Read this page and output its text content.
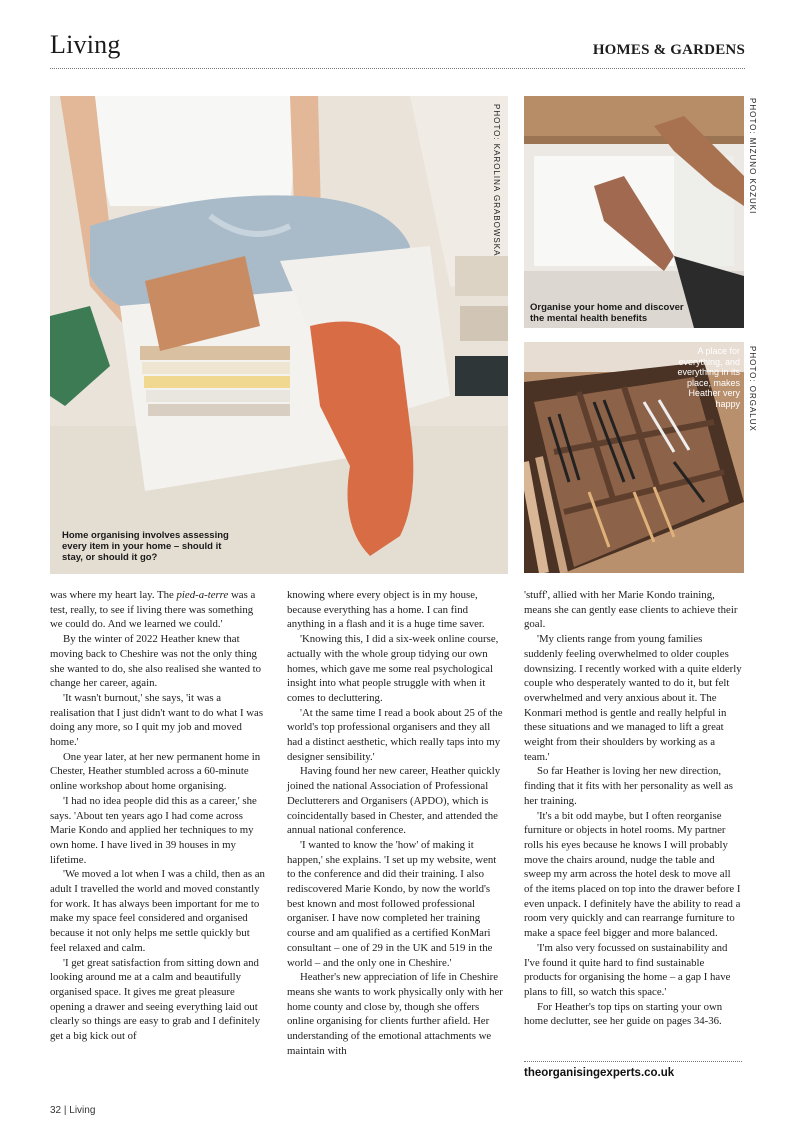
Living	HOMES & GARDENS
PHOTO: KAROLINA GRABOWSKA
Home organising involves assessing every item in your home – should it stay, or should it go?
PHOTO: MIZUNO KOZUKI
Organise your home and discover the mental health benefits
PHOTO: ORGALUX
A place for everything, and everything in its place, makes Heather very happy

was where my heart lay. The pied-a-terre was a test, really, to see if living there was something we could do. And we learned we could.'

By the winter of 2022 Heather knew that moving back to Cheshire was not the only thing she wanted to do, she also realised she wanted to change her career, again.

'It wasn't burnout,' she says, 'it was a realisation that I just didn't want to do what I was doing any more, so I quit my job and moved home.'

One year later, at her new permanent home in Chester, Heather stumbled across a 60-minute online workshop about home organising.

'I had no idea people did this as a career,' she says. 'About ten years ago I had come across Marie Kondo and applied her techniques to my own home. I have lived in 39 houses in my lifetime.

'We moved a lot when I was a child, then as an adult I travelled the world and moved constantly for work. It has always been important for me to make my space feel considered and organised because it not only helps me settle quickly but feel relaxed and calm.

'I get great satisfaction from sitting down and looking around me at a calm and beautifully organised space. It gives me great pleasure opening a drawer and seeing everything laid out clearly so things are easy to grab and I definitely get a big kick out of

knowing where every object is in my house, because everything has a home. I can find anything in a flash and it is a huge time saver.

'Knowing this, I did a six-week online course, actually with the whole group tidying our own homes, which gave me some real psychological insight into what people struggle with when it comes to decluttering.

'At the same time I read a book about 25 of the world's top professional organisers and they all had a distinct aesthetic, which really taps into my designer sensibility.'

Having found her new career, Heather quickly joined the national Association of Professional Declutterers and Organisers (APDO), which is coincidentally based in Chester, and attended the annual national conference.

'I wanted to know the 'how' of making it happen,' she explains. 'I set up my website, went to the conference and did their training. I also rediscovered Marie Kondo, by now the world's best known and most followed professional organiser. I have now completed her training course and am qualified as a certified KonMari consultant – one of 29 in the UK and 519 in the world – and the only one in Cheshire.'

Heather's new appreciation of life in Cheshire means she wants to work physically only with her home county and close by, though she offers online organising for clients further afield. Her understanding of the emotional attachments we maintain with

'stuff', allied with her Marie Kondo training, means she can gently ease clients to achieve their goal.

'My clients range from young families suddenly feeling overwhelmed to older couples downsizing. I recently worked with a quite elderly couple who desperately wanted to do it, but felt overwhelmed and very anxious about it. The Konmari method is gentle and really helpful in these situations and we managed to lift a great weight from their shoulders by working as a team.'

So far Heather is loving her new direction, finding that it fits with her personality as well as her training.

'It's a bit odd maybe, but I often reorganise furniture or objects in hotel rooms. My partner rolls his eyes because he knows I will probably move the chairs around, nudge the table and sweep my arm across the hotel desk to move all of the items placed on top into the drawer before I even unpack. I definitely have the ability to read a room very quickly and can rearrange furniture to make a space feel bigger and more balanced.

'I'm also very focussed on sustainability and I've found it quite hard to find sustainable products for organising the home – a gap I have plans to fill, so watch this space.'

For Heather's top tips on starting your own home declutter, see her guide on pages 34-36.

theorganisingexperts.co.uk
32 | Living
